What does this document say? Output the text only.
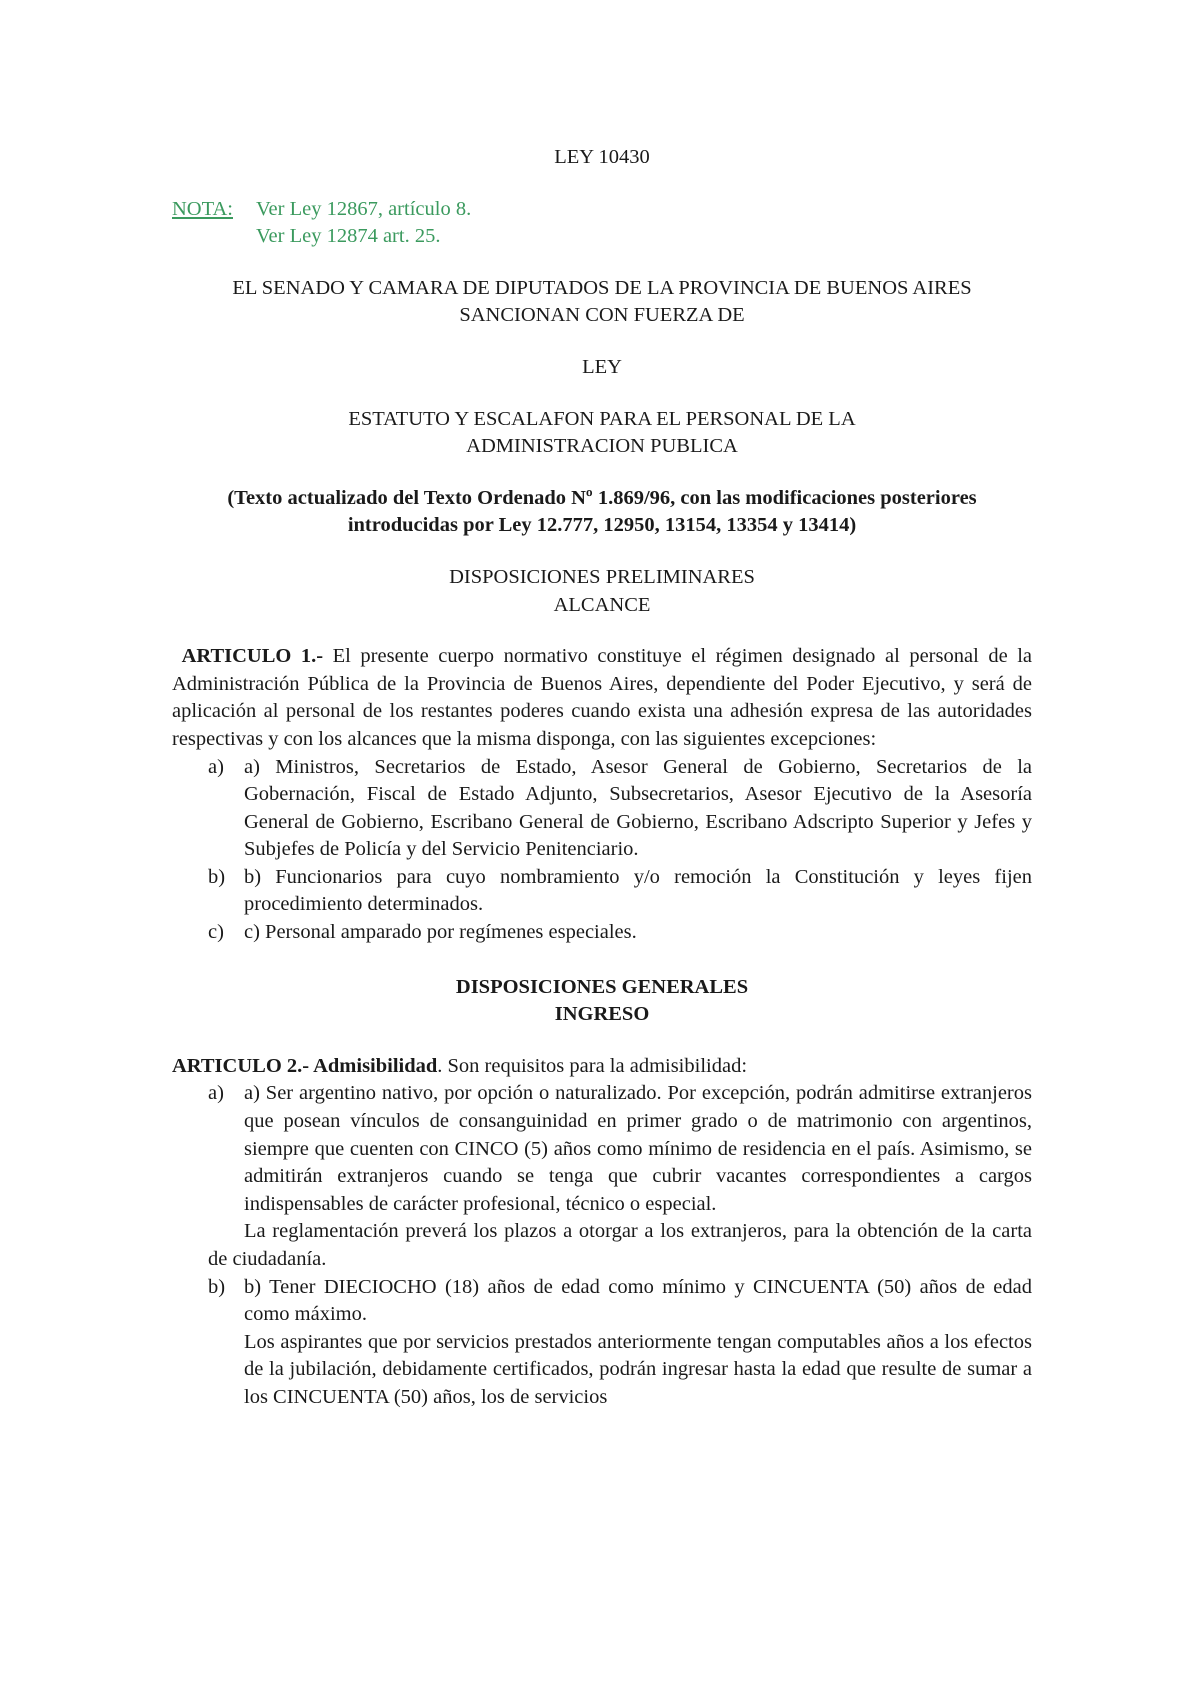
LEY 10430
NOTA:	Ver Ley 12867, artículo 8.
Ver Ley 12874 art. 25.
EL SENADO Y CAMARA DE DIPUTADOS DE LA PROVINCIA DE BUENOS AIRES SANCIONAN CON FUERZA DE
LEY
ESTATUTO Y ESCALAFON PARA EL PERSONAL DE LA ADMINISTRACION PUBLICA
(Texto actualizado del Texto Ordenado Nº 1.869/96, con las modificaciones posteriores introducidas por Ley 12.777, 12950, 13154, 13354 y 13414)
DISPOSICIONES PRELIMINARES
ALCANCE
ARTICULO 1.- El presente cuerpo normativo constituye el régimen designado al personal de la Administración Pública de la Provincia de Buenos Aires, dependiente del Poder Ejecutivo, y será de aplicación al personal de los restantes poderes cuando exista una adhesión expresa de las autoridades respectivas y con los alcances que la misma disponga, con las siguientes excepciones:
a) a) Ministros, Secretarios de Estado, Asesor General de Gobierno, Secretarios de la Gobernación, Fiscal de Estado Adjunto, Subsecretarios, Asesor Ejecutivo de la Asesoría General de Gobierno, Escribano General de Gobierno, Escribano Adscripto Superior y Jefes y Subjefes de Policía y del Servicio Penitenciario.
b) b) Funcionarios para cuyo nombramiento y/o remoción la Constitución y leyes fijen procedimiento determinados.
c) c) Personal amparado por regímenes especiales.
DISPOSICIONES GENERALES
INGRESO
ARTICULO 2.- Admisibilidad. Son requisitos para la admisibilidad:
a) a) Ser argentino nativo, por opción o naturalizado. Por excepción, podrán admitirse extranjeros que posean vínculos de consanguinidad en primer grado o de matrimonio con argentinos, siempre que cuenten con CINCO (5) años como mínimo de residencia en el país. Asimismo, se admitirán extranjeros cuando se tenga que cubrir vacantes correspondientes a cargos indispensables de carácter profesional, técnico o especial.
La reglamentación preverá los plazos a otorgar a los extranjeros, para la obtención de la carta de ciudadanía.
b) b) Tener DIECIOCHO (18) años de edad como mínimo y CINCUENTA (50) años de edad como máximo.
Los aspirantes que por servicios prestados anteriormente tengan computables años a los efectos de la jubilación, debidamente certificados, podrán ingresar hasta la edad que resulte de sumar a los CINCUENTA (50) años, los de servicios
